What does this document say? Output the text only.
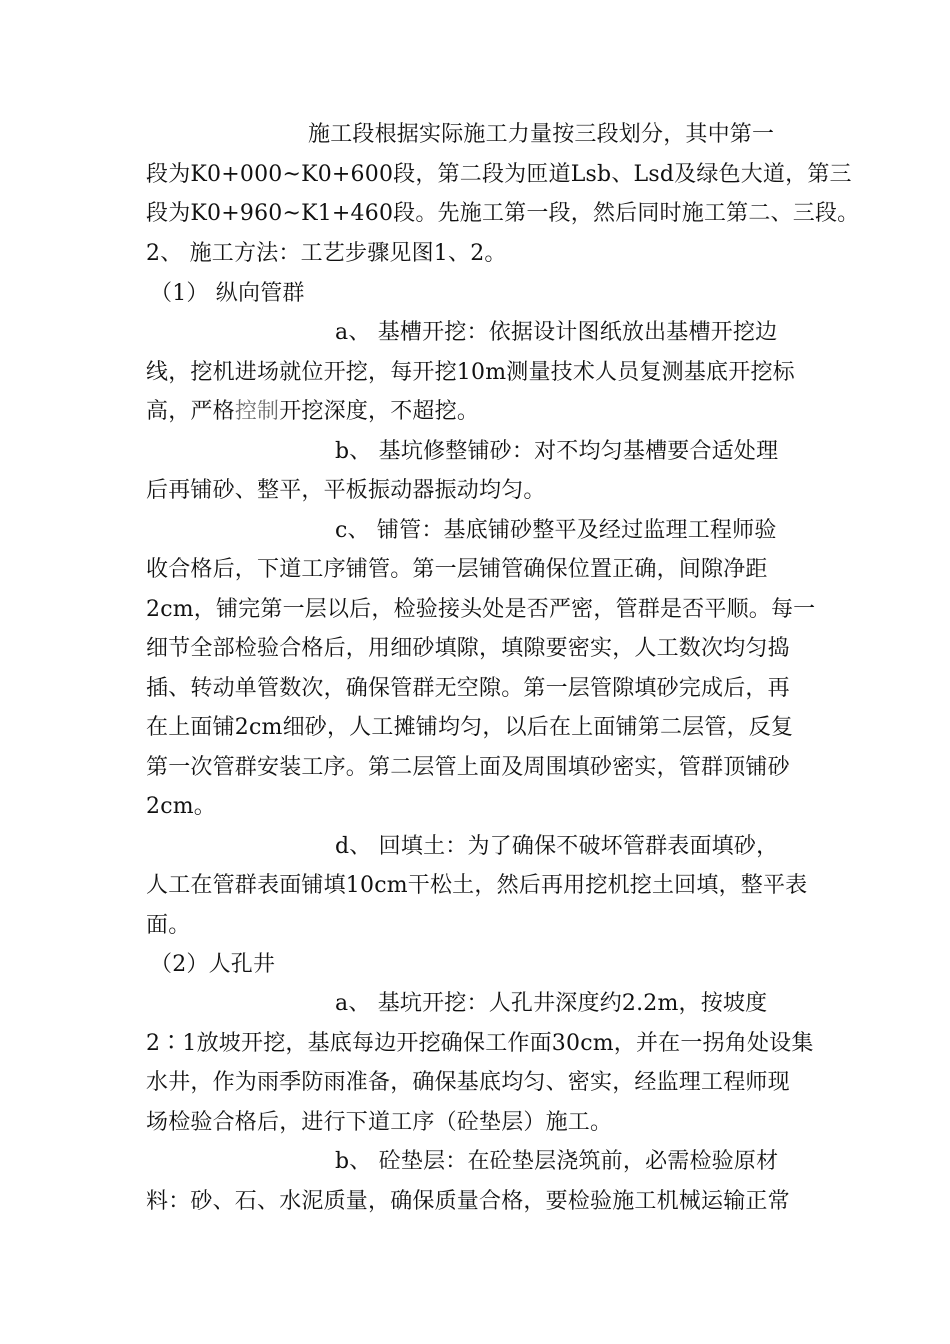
施工段根据实际施工力量按三段划分，其中第一
段为K0+000~K0+600段，第二段为匝道Lsb、Lsd及绿色大道，第三
段为K0+960~K1+460段。先施工第一段，然后同时施工第二、三段。
2、 施工方法：工艺步骤见图1、2。
（1） 纵向管群
a、 基槽开挖：依据设计图纸放出基槽开挖边
线，挖机进场就位开挖，每开挖10m测量技术人员复测基底开挖标
高，严格控制开挖深度，不超挖。
b、 基坑修整铺砂：对不均匀基槽要合适处理
后再铺砂、整平，平板振动器振动均匀。
c、 铺管：基底铺砂整平及经过监理工程师验
收合格后，下道工序铺管。第一层铺管确保位置正确，间隙净距
2cm，铺完第一层以后，检验接头处是否严密，管群是否平顺。每一
细节全部检验合格后，用细砂填隙，填隙要密实，人工数次均匀捣
插、转动单管数次，确保管群无空隙。第一层管隙填砂完成后，再
在上面铺2cm细砂，人工摊铺均匀，以后在上面铺第二层管，反复
第一次管群安装工序。第二层管上面及周围填砂密实，管群顶铺砂
2cm。
d、 回填土：为了确保不破坏管群表面填砂，
人工在管群表面铺填10cm干松土，然后再用挖机挖土回填，整平表
面。
（2）人孔井
a、 基坑开挖：人孔井深度约2.2m，按坡度
2∶1放坡开挖，基底每边开挖确保工作面30cm，并在一拐角处设集
水井，作为雨季防雨准备，确保基底均匀、密实，经监理工程师现
场检验合格后，进行下道工序（砼垫层）施工。
b、 砼垫层：在砼垫层浇筑前，必需检验原材
料：砂、石、水泥质量，确保质量合格，要检验施工机械运输正常
